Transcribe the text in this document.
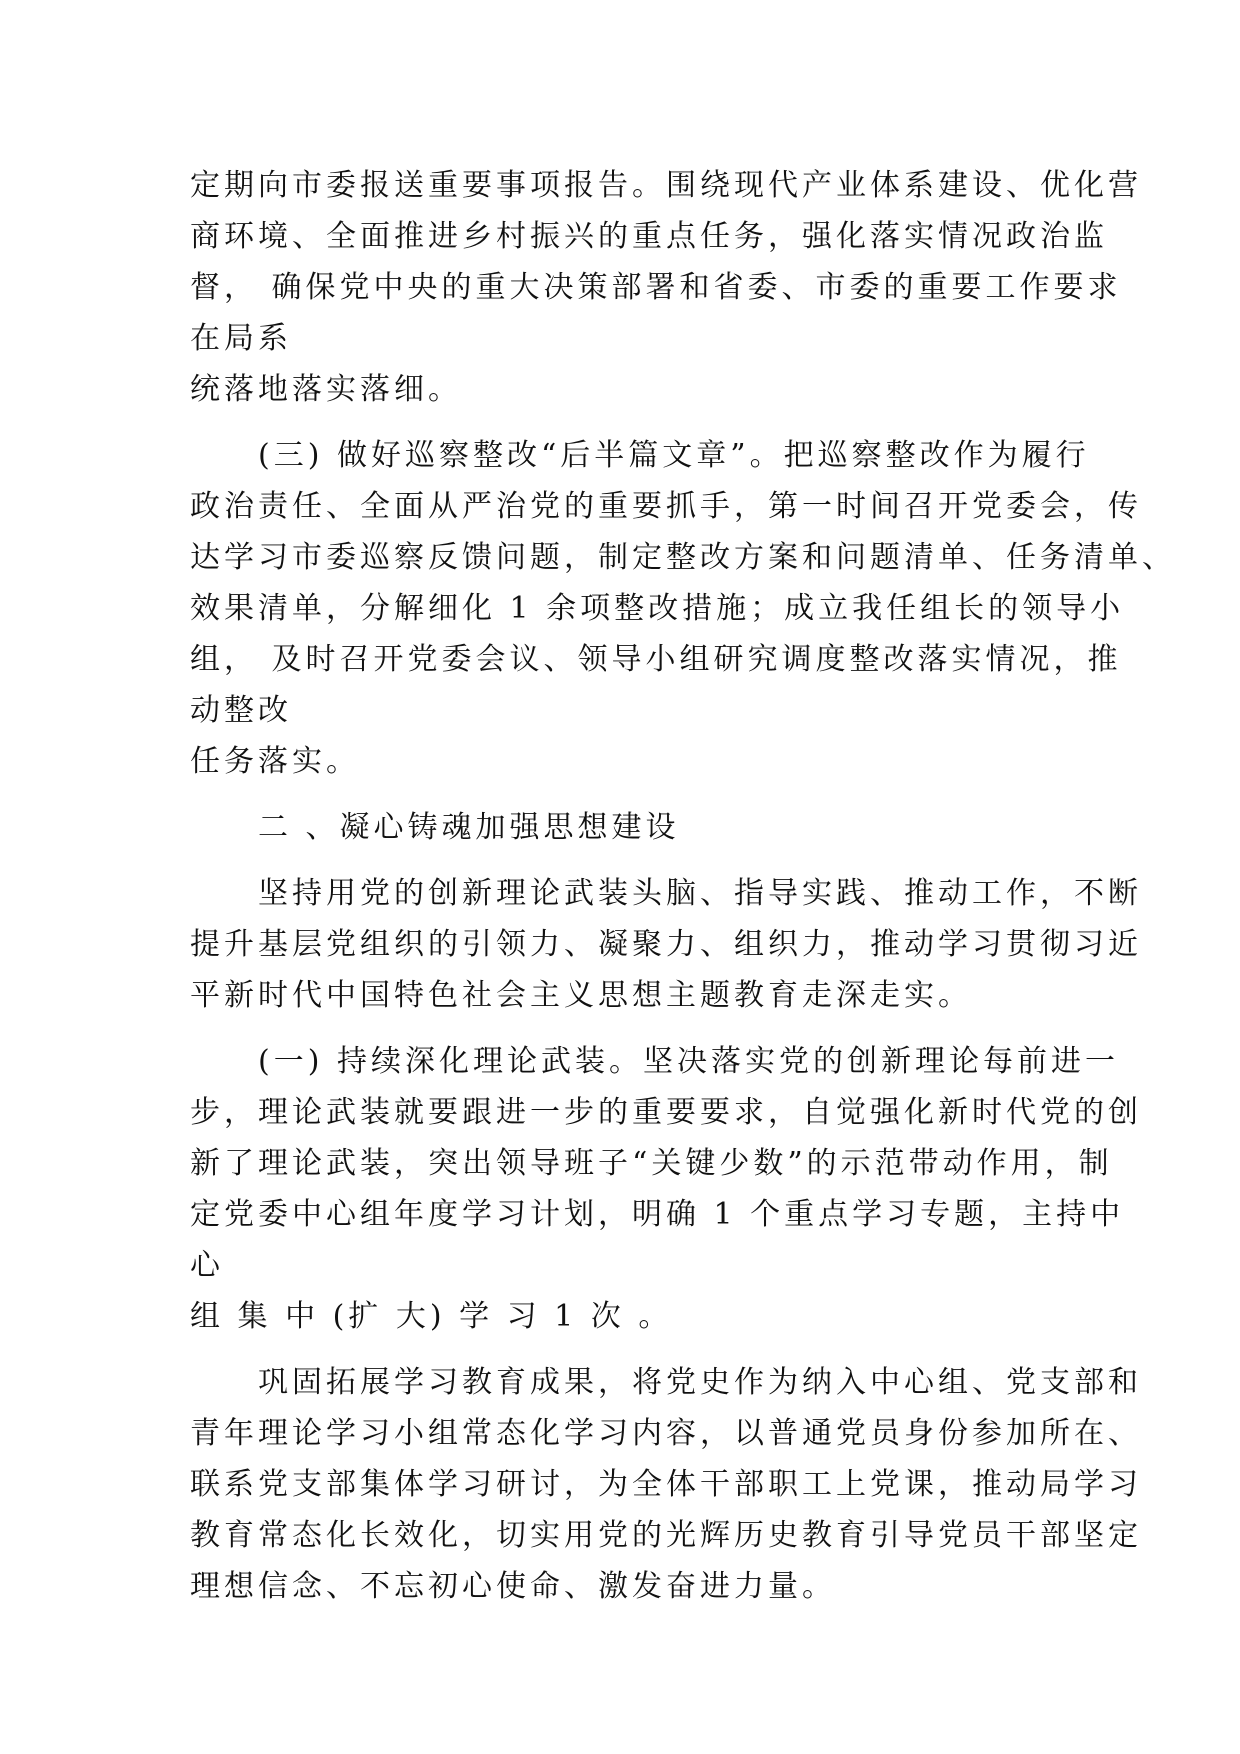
定期向市委报送重要事项报告。围绕现代产业体系建设、优化营
商环境、全面推进乡村振兴的重点任务，强化落实情况政治监
督， 确保党中央的重大决策部署和省委、市委的重要工作要求
在局系
统落地落实落细。
　　(三) 做好巡察整改“后半篇文章”。把巡察整改作为履行
政治责任、全面从严治党的重要抓手，第一时间召开党委会，传
达学习市委巡察反馈问题，制定整改方案和问题清单、任务清单、
效果清单，分解细化 1 余项整改措施；成立我任组长的领导小
组， 及时召开党委会议、领导小组研究调度整改落实情况，推
动整改
任务落实。
　　二 、凝心铸魂加强思想建设
　　坚持用党的创新理论武装头脑、指导实践、推动工作，不断
提升基层党组织的引领力、凝聚力、组织力，推动学习贯彻习近
平新时代中国特色社会主义思想主题教育走深走实。
　　(一) 持续深化理论武装。坚决落实党的创新理论每前进一
步，理论武装就要跟进一步的重要要求，自觉强化新时代党的创
新了理论武装，突出领导班子“关键少数”的示范带动作用，制
定党委中心组年度学习计划，明确 1 个重点学习专题，主持中
心
组 集 中 (扩 大) 学 习 1 次 。
　　巩固拓展学习教育成果，将党史作为纳入中心组、党支部和
青年理论学习小组常态化学习内容，以普通党员身份参加所在、
联系党支部集体学习研讨，为全体干部职工上党课，推动局学习
教育常态化长效化，切实用党的光辉历史教育引导党员干部坚定
理想信念、不忘初心使命、激发奋进力量。
